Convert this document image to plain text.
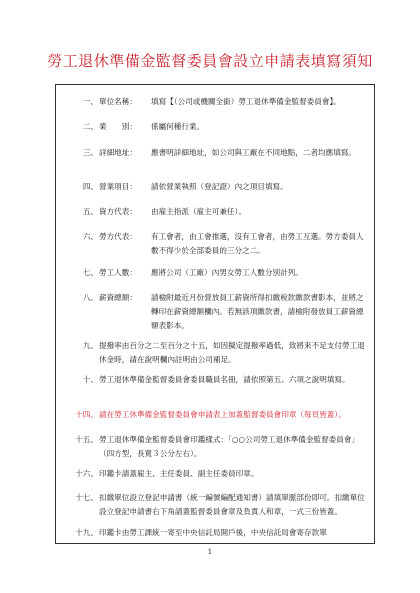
勞工退休準備金監督委員會設立申請表填寫須知
一、 單位名稱： 填寫【（公司或機關全銜）勞工退休準備金監督委員會】。
二、 業　　別： 係屬何種行業。
三、 詳細地址： 應書明詳細地址，如公司與工廠在不同地點，二者均應填寫。
四、 營業項目： 請依營業執照（登記證）內之項目填寫。
五、 資方代表： 由雇主指派（雇主可兼任）。
六、 勞方代表： 有工會者，由工會推選，沒有工會者，由勞工互選。勞方委員人數不得少於全部委員的三分之二。
七、 勞工人數： 應將公司（工廠）內男女勞工人數分別計列。
八、 薪資總額： 請檢附最近月份營放員工薪資所得扣繳稅款繳款書影本，並將之轉印在薪資總額欄內。若無該項繳款書，請檢附發放員工薪資總額表影本。
九、 提撥率由百分之二至百分之十五，如因擬定提撥率過低，致將來不足支付勞工退休金時，請在說明欄內註明由公司補足。
十、 勞工退休準備金監督委員會委員職員名冊，請依照第五、六項之說明填寫。
十四、 請在勞工休準備金監督委員會申請表上加蓋監督委員會印章（每頁皆蓋）。
十五、 勞工退休準備金監督委員會印鑑樣式：「○○公司勞工退休準備金監督委員會」（四方型，長寬３公分左右）。
十六、 印鑑卡請蓋雇主、主任委員、副主任委員印章。
十七、 扣繳單位設立登記申請書（統一編號編配通知書）請填單脈部份即可。扣繳單位設立登記申請書右下角請蓋監督委員會章及負責人和章，一式三份皆蓋。
十九、 印鑑卡由勞工課統一寄至中央信託局開戶後，中央信託局會寄存款單
1
